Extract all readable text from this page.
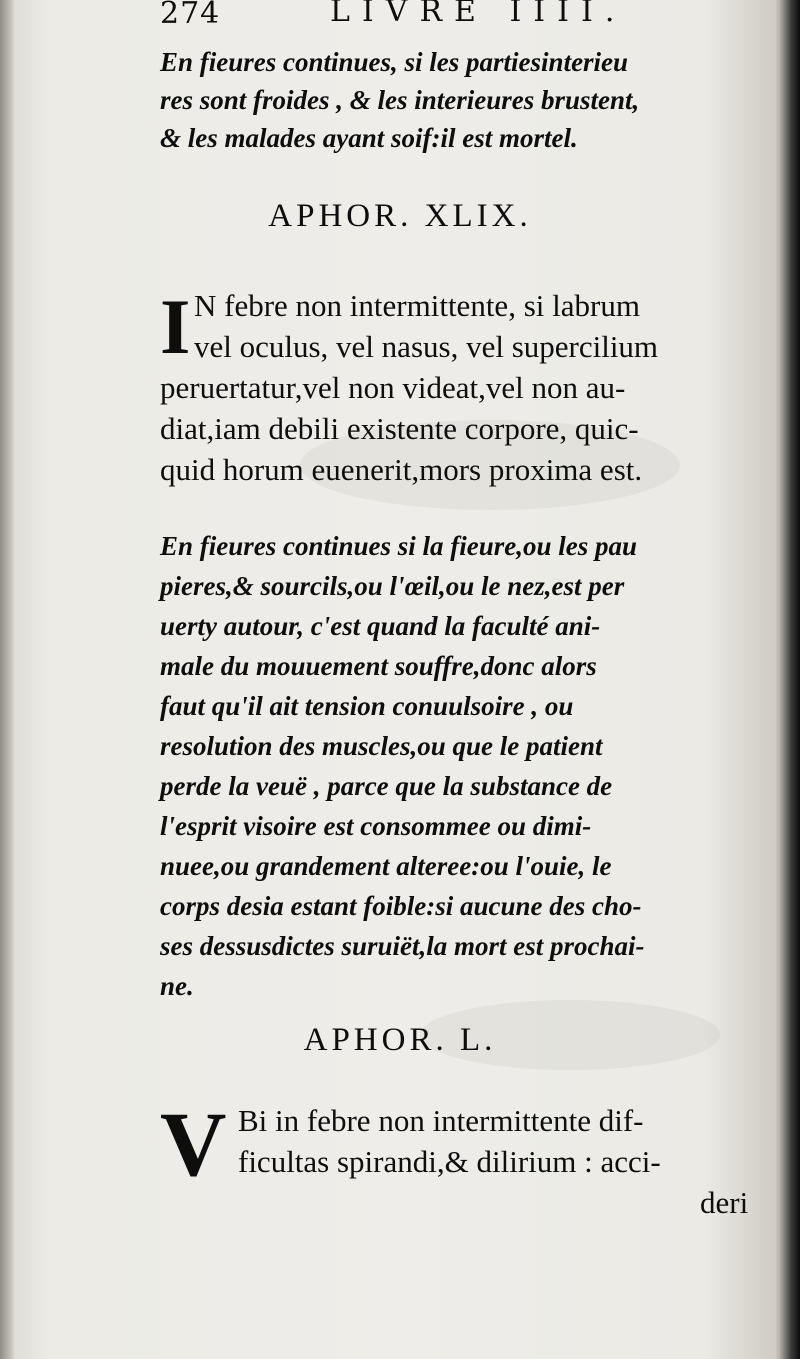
274	LIVRE IIII.
En fieures continues, si les partiesinterieu
res sont froides , & les interieures brustent,
& les malades ayant soif:il est mortel.
APHOR. XLIX.
I N febre non intermittente, si labrum
vel oculus, vel nasus, vel supercilium
peruertatur,vel non videat,vel non au-
diat,iam debili existente corpore, quic-
quid horum euenerit,mors proxima est.
En fieures continues si la fieure,ou les pau
pieres,& sourcils,ou l'œil,ou le nez,est per
uerty autour, c'est quand la faculté ani-
male du mouuement souffre,donc alors
faut qu'il ait tension conuulsoire , ou
resolution des muscles,ou que le patient
perde la veuë , parce que la substance de
l'esprit visoire est consommee ou dimi-
nuee,ou grandement alteree:ou l'ouie, le
corps desia estant foible:si aucune des cho-
ses dessusdictes suruiët,la mort est prochai-
ne.
APHOR. L.
V Bi in febre non intermittente dif-
ficultas spirandi,& dilirium : acci-
deri
